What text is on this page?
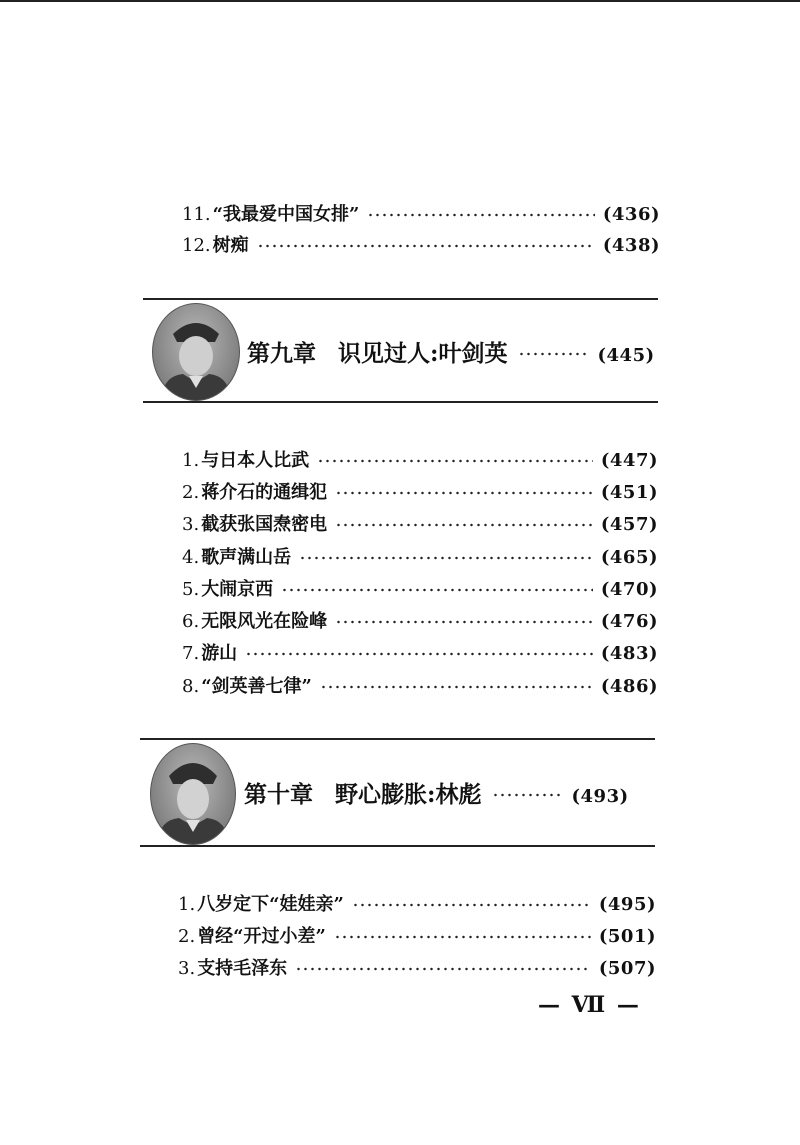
11. “我最爱中国女排”	(436)
12. 树痴	(438)
第九章 识见过人:叶剑英	(445)
1. 与日本人比武	(447)
2. 蒋介石的通缉犯	(451)
3. 截获张国焘密电	(457)
4. 歌声满山岳	(465)
5. 大闹京西	(470)
6. 无限风光在险峰	(476)
7. 游山	(483)
8. “剑英善七律”	(486)
第十章 野心膨胀:林彪	(493)
1. 八岁定下“娃娃亲”	(495)
2. 曾经“开过小差”	(501)
3. 支持毛泽东	(507)
— Ⅶ —
